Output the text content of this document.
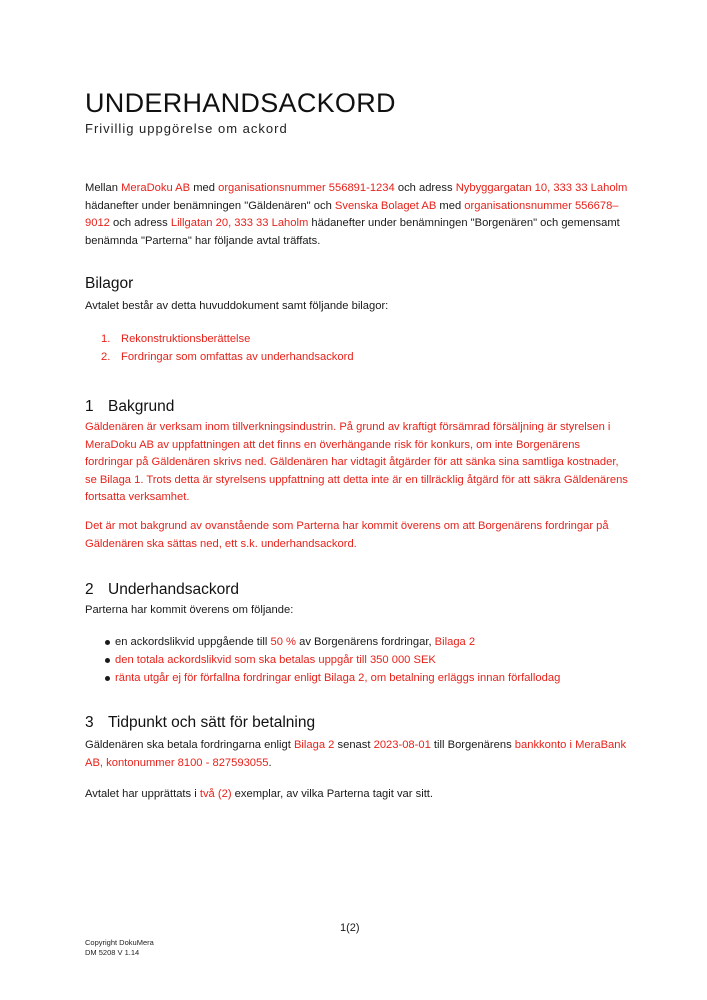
UNDERHANDSACKORD
Frivillig uppgörelse om ackord

Mellan MeraDoku AB med organisationsnummer 556891-1234 och adress Nybyggargatan 10, 333 33 Laholm hädanefter under benämningen "Gäldenären" och Svenska Bolaget AB med organisationsnummer 556678–9012 och adress Lillgatan 20, 333 33 Laholm hädanefter under benämningen "Borgenären" och gemensamt benämnda "Parterna" har följande avtal träffats.

Bilagor

Avtalet består av detta huvuddokument samt följande bilagor:

1. Rekonstruktionsberättelse
2. Fordringar som omfattas av underhandsackord
1 Bakgrund

Gäldenären är verksam inom tillverkningsindustrin. På grund av kraftigt försämrad försäljning är styrelsen i MeraDoku AB av uppfattningen att det finns en överhängande risk för konkurs, om inte Borgenärens fordringar på Gäldenären skrivs ned. Gäldenären har vidtagit åtgärder för att sänka sina samtliga kostnader, se Bilaga 1. Trots detta är styrelsens uppfattning att detta inte är en tillräcklig åtgärd för att säkra Gäldenärens fortsatta verksamhet.

Det är mot bakgrund av ovanstående som Parterna har kommit överens om att Borgenärens fordringar på Gäldenären ska sättas ned, ett s.k. underhandsackord.

2 Underhandsackord

Parterna har kommit överens om följande:

en ackordslikvid uppgående till 50 % av Borgenärens fordringar, Bilaga 2
den totala ackordslikvid som ska betalas uppgår till 350 000 SEK
ränta utgår ej för förfallna fordringar enligt Bilaga 2, om betalning erläggs innan förfallodag
3 Tidpunkt och sätt för betalning

Gäldenären ska betala fordringarna enligt Bilaga 2 senast 2023-08-01 till Borgenärens bankkonto i MeraBank AB, kontonummer 8100 - 827593055.

Avtalet har upprättats i två (2) exemplar, av vilka Parterna tagit var sitt.

1(2)
Copyright DokuMera
DM 5208 V 1.14
